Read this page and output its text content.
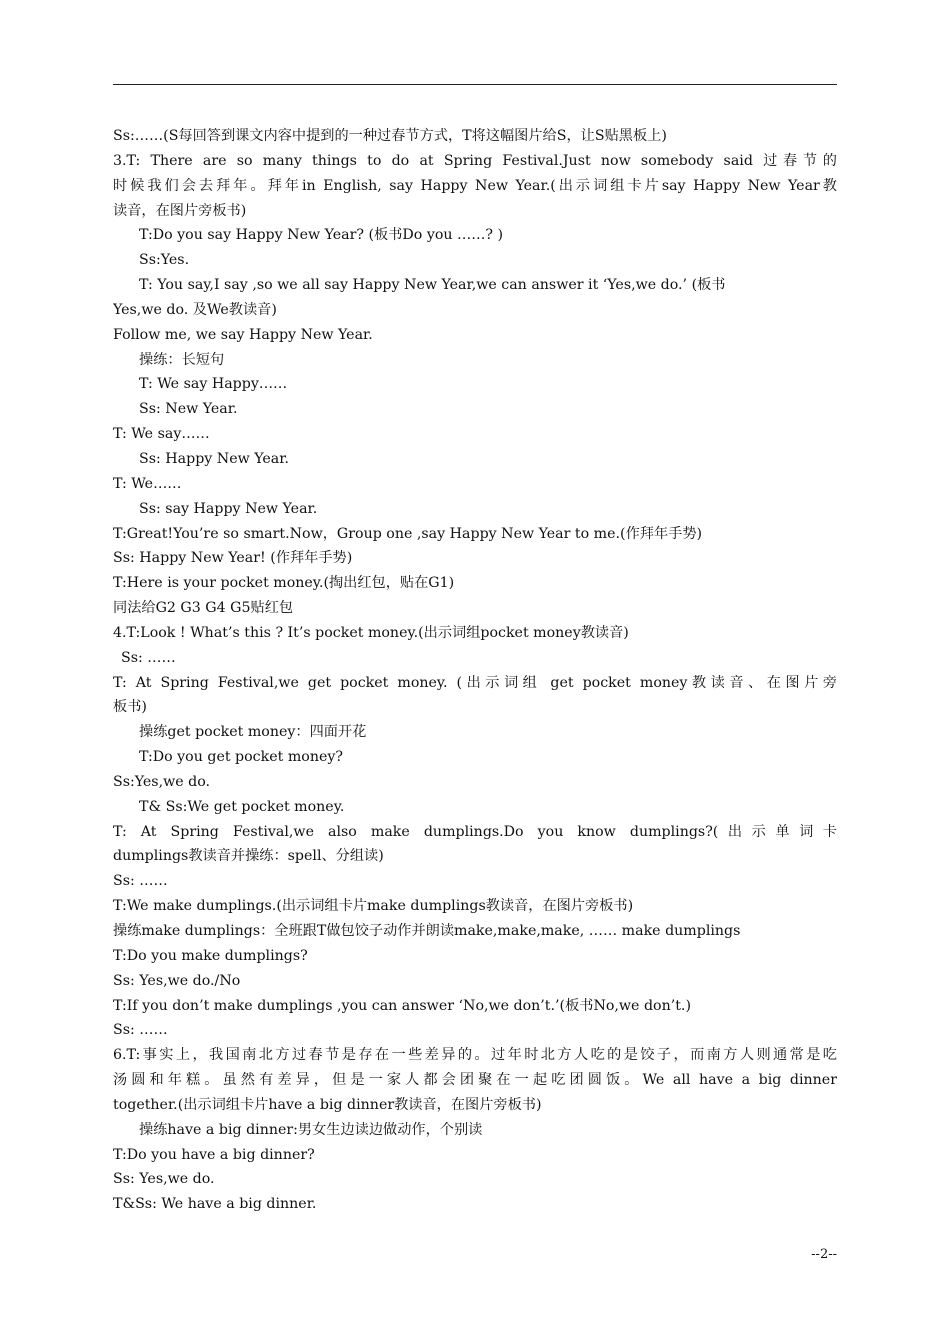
Ss:……(S每回答到课文内容中提到的一种过春节方式，T将这幅图片给S，让S贴黑板上)
3.T: There are so many things to do at Spring Festival.Just now somebody said 过春节的
时候我们会去拜年。拜年in English, say Happy New Year.(出示词组卡片say Happy New Year教
读音，在图片旁板书)
T:Do you say Happy New Year? (板书Do you ……? )
Ss:Yes.
T: You say,I say ,so we all say Happy New Year,we can answer it ‘Yes,we do.’ (板书
Yes,we do. 及We教读音)
Follow me, we say Happy New Year.
操练：长短句
T: We say Happy……
Ss: New Year.
T: We say……
Ss: Happy New Year.
T: We……
Ss: say Happy New Year.
T:Great!You’re so smart.Now，Group one ,say Happy New Year to me.(作拜年手势)
Ss: Happy New Year! (作拜年手势)
T:Here is your pocket money.(掏出红包，贴在G1)
同法给G2 G3 G4 G5贴红包
4.T:Look ! What’s this ? It’s pocket money.(出示词组pocket money教读音)
Ss: ……
T: At Spring Festival,we get pocket money. (出示词组 get pocket money教读音、在图片旁
板书)
操练get pocket money：四面开花
T:Do you get pocket money?
Ss:Yes,we do.
T& Ss:We get pocket money.
T: At Spring Festival,we also make dumplings.Do you know dumplings?(出示单词卡
dumplings教读音并操练：spell、分组读)
Ss: ……
T:We make dumplings.(出示词组卡片make dumplings教读音，在图片旁板书)
操练make dumplings：全班跟T做包饺子动作并朗读make,make,make, …… make dumplings
T:Do you make dumplings?
Ss: Yes,we do./No
T:If you don’t make dumplings ,you can answer ‘No,we don’t.’(板书No,we don’t.)
Ss: ……
6.T:事实上，我国南北方过春节是存在一些差异的。过年时北方人吃的是饺子，而南方人则通常是吃
汤圆和年糕。虽然有差异，但是一家人都会团聚在一起吃团圆饭。We all have a big dinner
together.(出示词组卡片have a big dinner教读音，在图片旁板书)
操练have a big dinner:男女生边读边做动作，个别读
T:Do you have a big dinner?
Ss: Yes,we do.
T&Ss: We have a big dinner.
--2--
